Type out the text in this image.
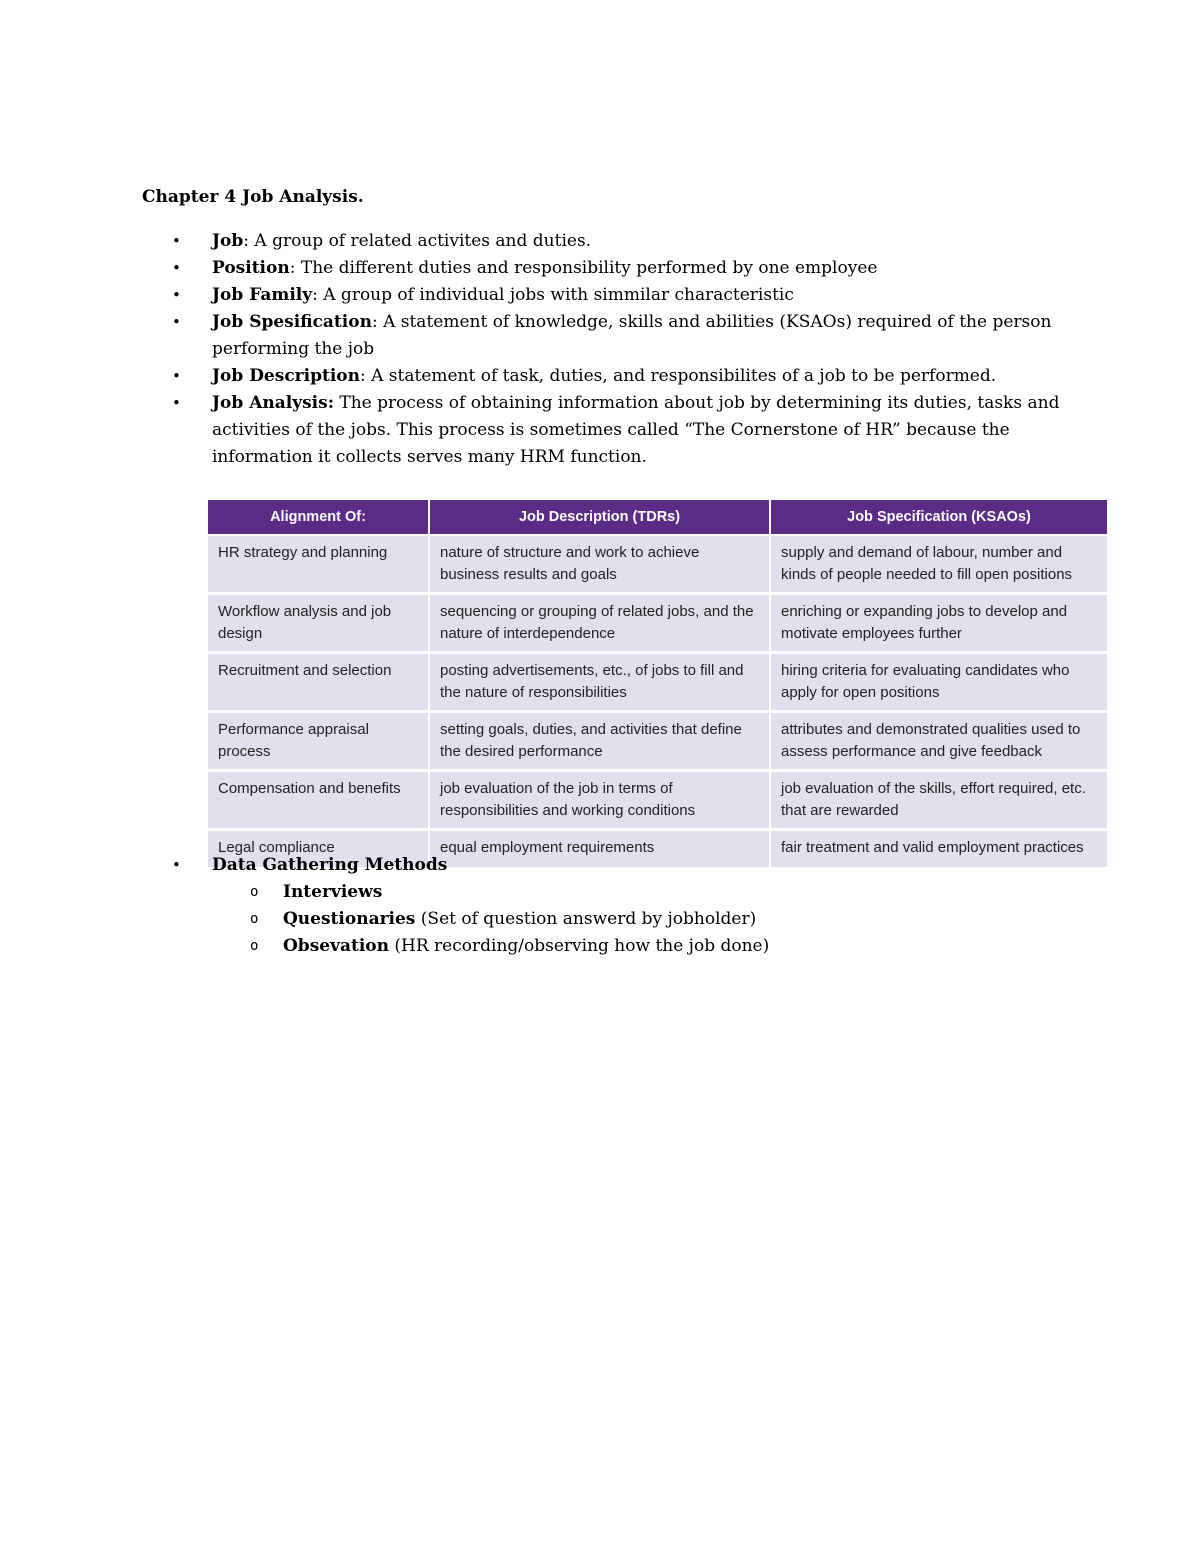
Chapter 4 Job Analysis.
• Job: A group of related activites and duties.
• Position: The different duties and responsibility performed by one employee
• Job Family: A group of individual jobs with simmilar characteristic
• Job Spesification: A statement of knowledge, skills and abilities (KSAOs) required of the person performing the job
• Job Description: A statement of task, duties, and responsibilites of a job to be performed.
• Job Analysis: The process of obtaining information about job by determining its duties, tasks and activities of the jobs. This process is sometimes called “The Cornerstone of HR” because the information it collects serves many HRM function.
Alignment Of:	Job Description (TDRs)	Job Specification (KSAOs)
HR strategy and planning	nature of structure and work to achieve business results and goals	supply and demand of labour, number and kinds of people needed to fill open positions
Workflow analysis and job design	sequencing or grouping of related jobs, and the nature of interdependence	enriching or expanding jobs to develop and motivate employees further
Recruitment and selection	posting advertisements, etc., of jobs to fill and the nature of responsibilities	hiring criteria for evaluating candidates who apply for open positions
Performance appraisal process	setting goals, duties, and activities that define the desired performance	attributes and demonstrated qualities used to assess performance and give feedback
Compensation and benefits	job evaluation of the job in terms of responsibilities and working conditions	job evaluation of the skills, effort required, etc. that are rewarded
Legal compliance	equal employment requirements	fair treatment and valid employment practices
• Data Gathering Methods
o Interviews
o Questionaries (Set of question answerd by jobholder)
o Obsevation (HR recording/observing how the job done)
